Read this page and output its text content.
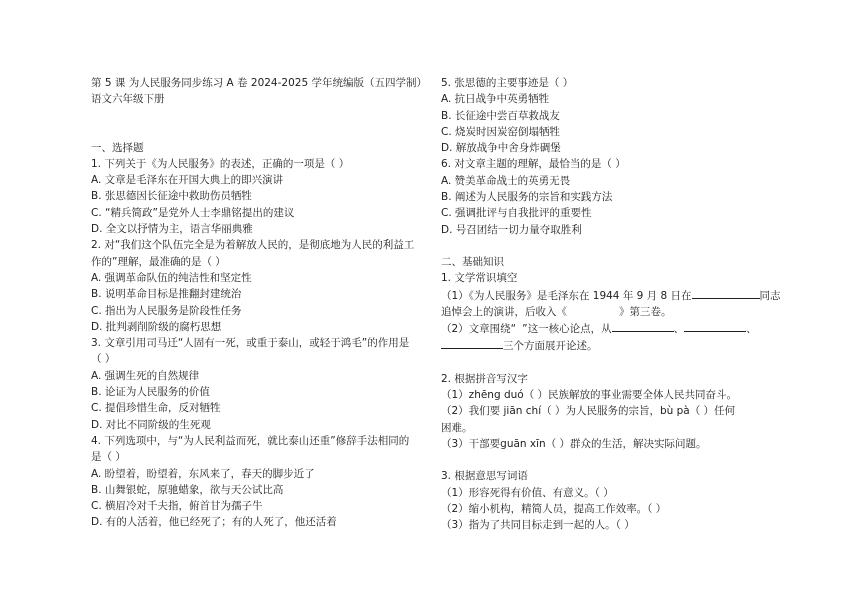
第 5 课 为人民服务同步练习 A 卷 2024-2025 学年统编版（五四学制）
语文六年级下册
一、选择题
1. 下列关于《为人民服务》的表述，正确的一项是（ ）
A. 文章是毛泽东在开国大典上的即兴演讲
B. 张思德因长征途中救助伤员牺牲
C. “精兵简政”是党外人士李鼎铭提出的建议
D. 全文以抒情为主，语言华丽典雅
2. 对“我们这个队伍完全是为着解放人民的，是彻底地为人民的利益工作的”理解，最准确的是（ ）
A. 强调革命队伍的纯洁性和坚定性
B. 说明革命目标是推翻封建统治
C. 指出为人民服务是阶段性任务
D. 批判剥削阶级的腐朽思想
3. 文章引用司马迁“人固有一死，或重于泰山，或轻于鸿毛”的作用是（ ）
A. 强调生死的自然规律
B. 论证为人民服务的价值
C. 提倡珍惜生命，反对牺牲
D. 对比不同阶级的生死观
4. 下列选项中，与“为人民利益而死，就比泰山还重”修辞手法相同的是（ ）
A. 盼望着，盼望着，东风来了，春天的脚步近了
B. 山舞银蛇，原驰蜡象，欲与天公试比高
C. 横眉冷对千夫指，俯首甘为孺子牛
D. 有的人活着，他已经死了；有的人死了，他还活着
5. 张思德的主要事迹是（ ）
A. 抗日战争中英勇牺牲
B. 长征途中尝百草救战友
C. 烧炭时因炭窑倒塌牺牲
D. 解放战争中舍身炸碉堡
6. 对文章主题的理解，最恰当的是（ ）
A. 赞美革命战士的英勇无畏
B. 阐述为人民服务的宗旨和实践方法
C. 强调批评与自我批评的重要性
D. 号召团结一切力量夺取胜利
二、基础知识
1. 文学常识填空
（1）《为人民服务》是毛泽东在 1944 年 9 月 8 日在	同志
追悼会上的演讲，后收入《	》第三卷。
（2）文章围绕“ ”这一核心论点，从	、	、
三个方面展开论述。
2. 根据拼音写汉字
（1）zhēng duó（ ）民族解放的事业需要全体人民共同奋斗。
（2）我们要 jiān chí（ ）为人民服务的宗旨，bù pà（ ）任何
困难。
（3）干部要guān xīn（ ）群众的生活，解决实际问题。
3. 根据意思写词语
（1）形容死得有价值、有意义。（ ）
（2）缩小机构，精简人员，提高工作效率。（ ）
（3）指为了共同目标走到一起的人。（ ）
